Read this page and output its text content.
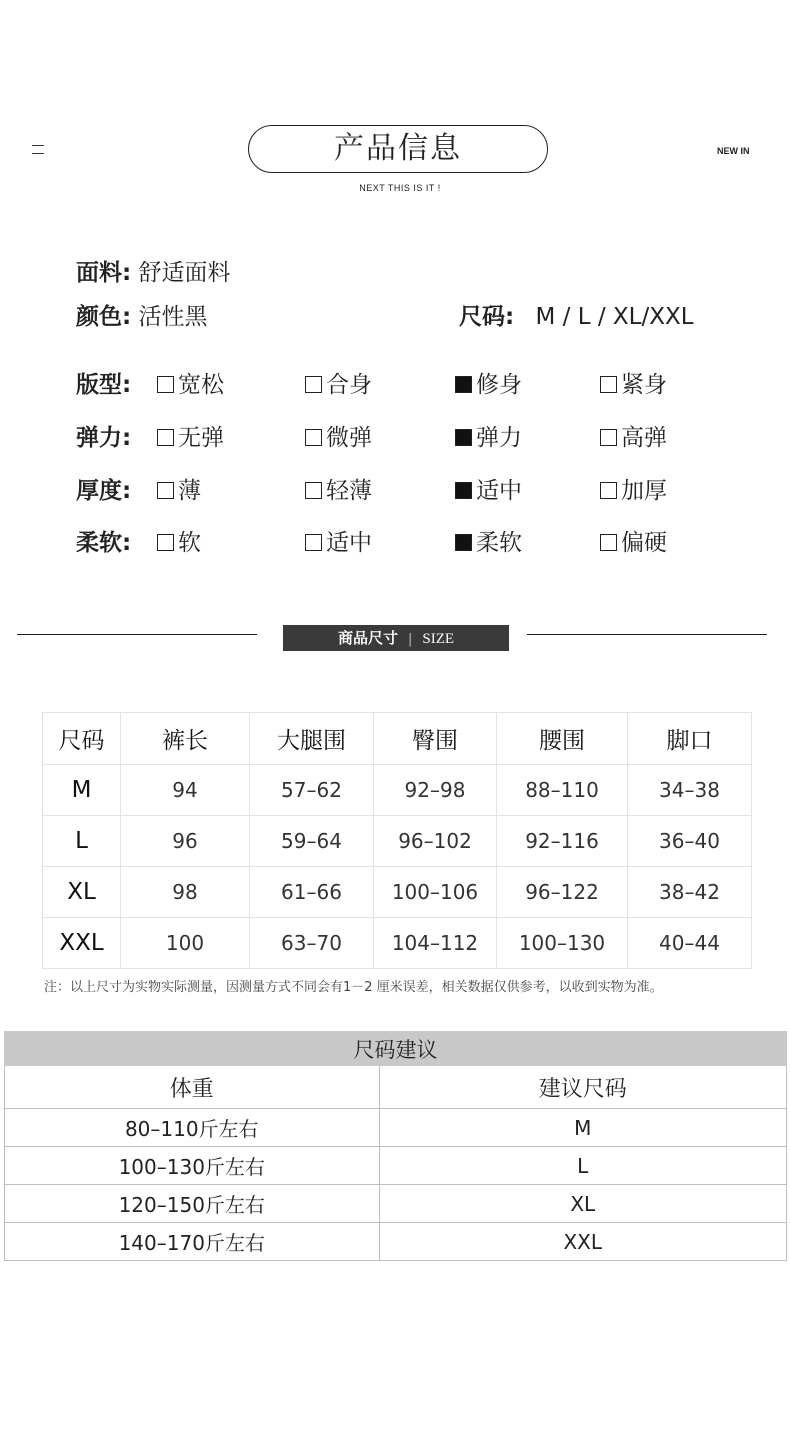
产品信息
NEXT THIS IS IT !
NEW IN
面料: 舒适面料
颜色: 活性黑	尺码: M / L / XL/XXL
版型:	宽松	合身	修身	紧身
弹力:	无弹	微弹	弹力	高弹
厚度:	薄	轻薄	适中	加厚
柔软:	软	适中	柔软	偏硬
商品尺寸 | SIZE
尺码	裤长	大腿围	臀围	腰围	脚口
M	94	57–62	92–98	88–110	34–38
L	96	59–64	96–102	92–116	36–40
XL	98	61–66	100–106	96–122	38–42
XXL	100	63–70	104–112	100–130	40–44
注：以上尺寸为实物实际测量，因测量方式不同会有1－2 厘米误差，相关数据仅供参考，以收到实物为准。
尺码建议	
体重	建议尺码
80–110斤左右	M
100–130斤左右	L
120–150斤左右	XL
140–170斤左右	XXL
